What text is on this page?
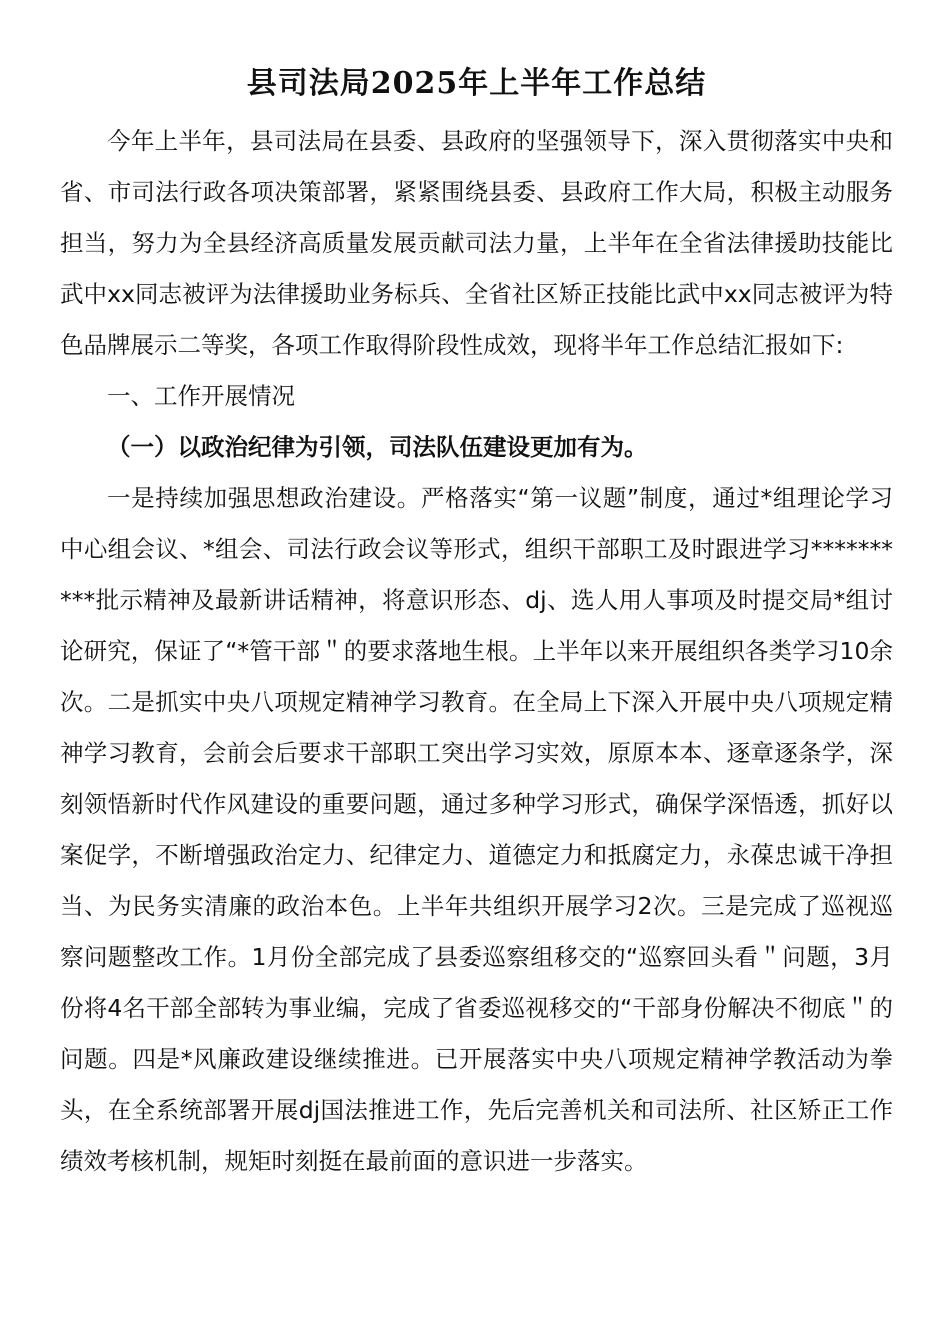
县司法局2025年上半年工作总结

今年上半年，县司法局在县委、县政府的坚强领导下，深入贯彻落实中央和省、市司法行政各项决策部署，紧紧围绕县委、县政府工作大局，积极主动服务担当，努力为全县经济高质量发展贡献司法力量，上半年在全省法律援助技能比武中xx同志被评为法律援助业务标兵、全省社区矫正技能比武中xx同志被评为特色品牌展示二等奖，各项工作取得阶段性成效，现将半年工作总结汇报如下:

一、工作开展情况

（一）以政治纪律为引领，司法队伍建设更加有为。

一是持续加强思想政治建设。严格落实“第一议题”制度，通过*组理论学习中心组会议、*组会、司法行政会议等形式，组织干部职工及时跟进学习**********批示精神及最新讲话精神，将意识形态、dj、选人用人事项及时提交局*组讨论研究，保证了“*管干部＂的要求落地生根。上半年以来开展组织各类学习10余次。二是抓实中央八项规定精神学习教育。在全局上下深入开展中央八项规定精神学习教育，会前会后要求干部职工突出学习实效，原原本本、逐章逐条学，深刻领悟新时代作风建设的重要问题，通过多种学习形式，确保学深悟透，抓好以案促学，不断增强政治定力、纪律定力、道德定力和抵腐定力，永葆忠诚干净担当、为民务实清廉的政治本色。上半年共组织开展学习2次。三是完成了巡视巡察问题整改工作。1月份全部完成了县委巡察组移交的“巡察回头看＂问题，3月份将4名干部全部转为事业编，完成了省委巡视移交的“干部身份解决不彻底＂的问题。四是*风廉政建设继续推进。已开展落实中央八项规定精神学教活动为拳头，在全系统部署开展dj国法推进工作，先后完善机关和司法所、社区矫正工作绩效考核机制，规矩时刻挺在最前面的意识进一步落实。
